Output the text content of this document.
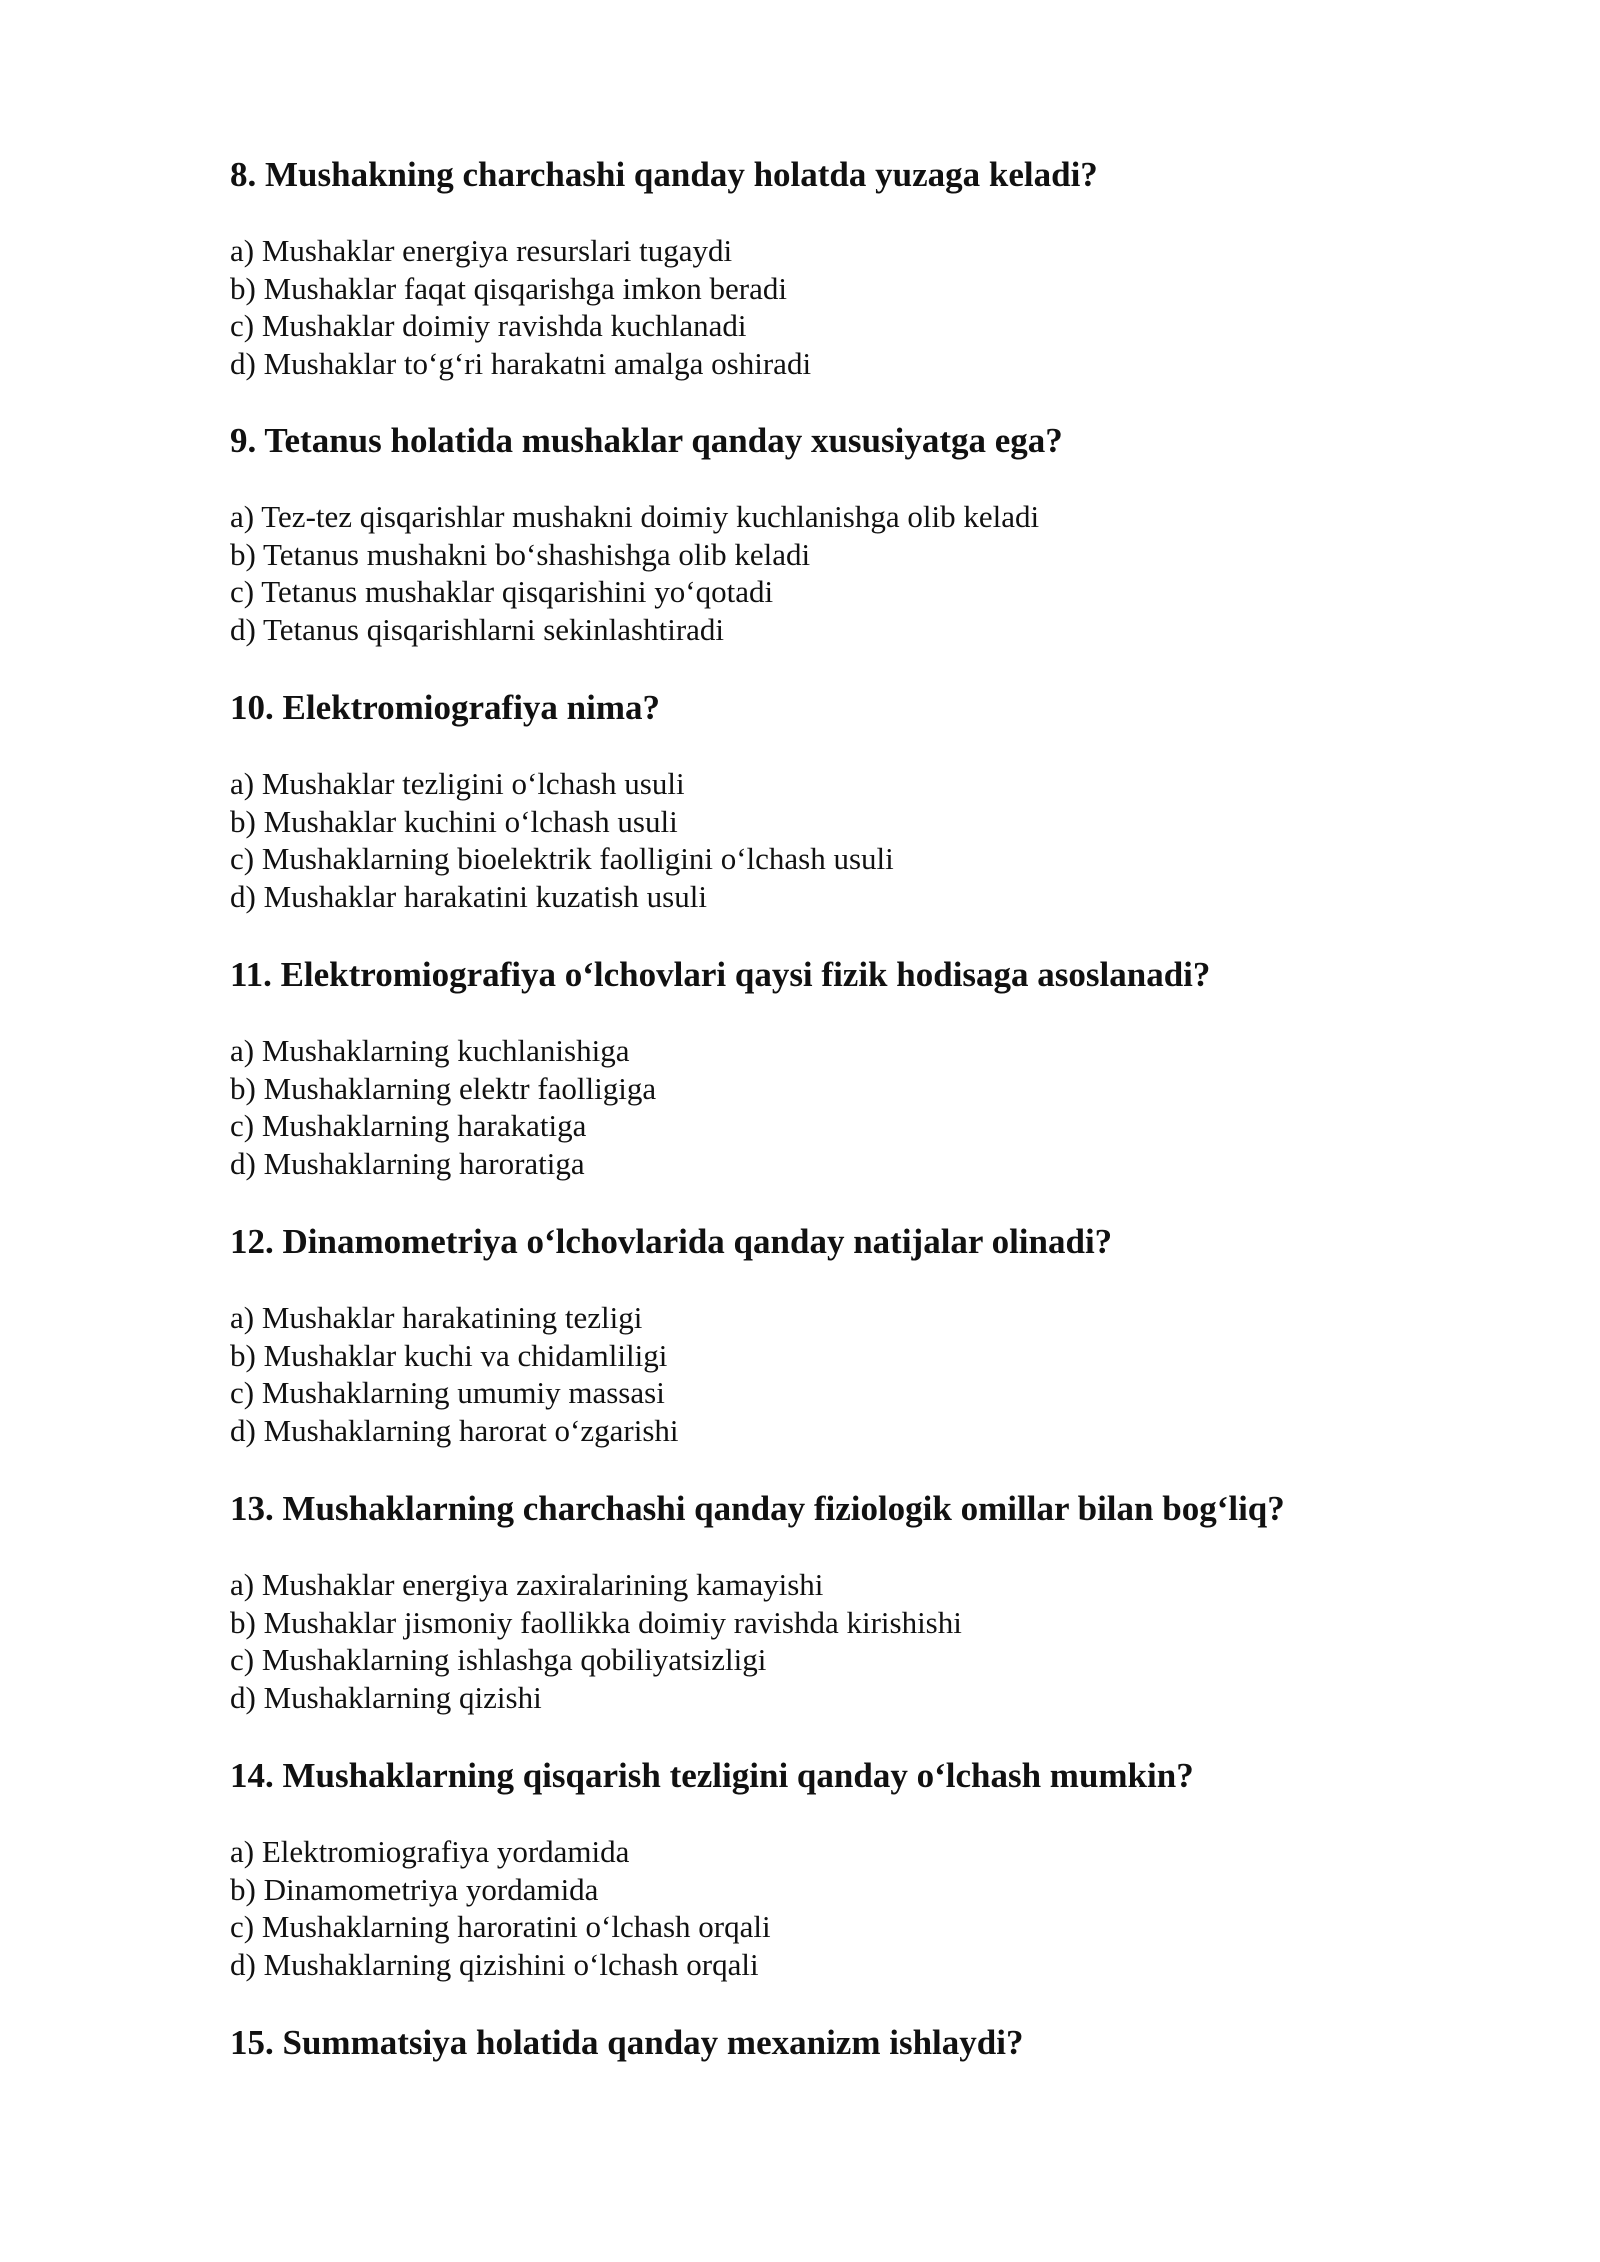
8. Mushakning charchashi qanday holatda yuzaga keladi?

a) Mushaklar energiya resurslari tugaydi
b) Mushaklar faqat qisqarishga imkon beradi
c) Mushaklar doimiy ravishda kuchlanadi
d) Mushaklar to‘g‘ri harakatni amalga oshiradi

9. Tetanus holatida mushaklar qanday xususiyatga ega?

a) Tez-tez qisqarishlar mushakni doimiy kuchlanishga olib keladi
b) Tetanus mushakni bo‘shashishga olib keladi
c) Tetanus mushaklar qisqarishini yo‘qotadi
d) Tetanus qisqarishlarni sekinlashtiradi

10. Elektromiografiya nima?

a) Mushaklar tezligini o‘lchash usuli
b) Mushaklar kuchini o‘lchash usuli
c) Mushaklarning bioelektrik faolligini o‘lchash usuli
d) Mushaklar harakatini kuzatish usuli

11. Elektromiografiya o‘lchovlari qaysi fizik hodisaga asoslanadi?

a) Mushaklarning kuchlanishiga
b) Mushaklarning elektr faolligiga
c) Mushaklarning harakatiga
d) Mushaklarning haroratiga

12. Dinamometriya o‘lchovlarida qanday natijalar olinadi?

a) Mushaklar harakatining tezligi
b) Mushaklar kuchi va chidamliligi
c) Mushaklarning umumiy massasi
d) Mushaklarning harorat o‘zgarishi

13. Mushaklarning charchashi qanday fiziologik omillar bilan bog‘liq?

a) Mushaklar energiya zaxiralarining kamayishi
b) Mushaklar jismoniy faollikka doimiy ravishda kirishishi
c) Mushaklarning ishlashga qobiliyatsizligi
d) Mushaklarning qizishi

14. Mushaklarning qisqarish tezligini qanday o‘lchash mumkin?

a) Elektromiografiya yordamida
b) Dinamometriya yordamida
c) Mushaklarning haroratini o‘lchash orqali
d) Mushaklarning qizishini o‘lchash orqali

15. Summatsiya holatida qanday mexanizm ishlaydi?
